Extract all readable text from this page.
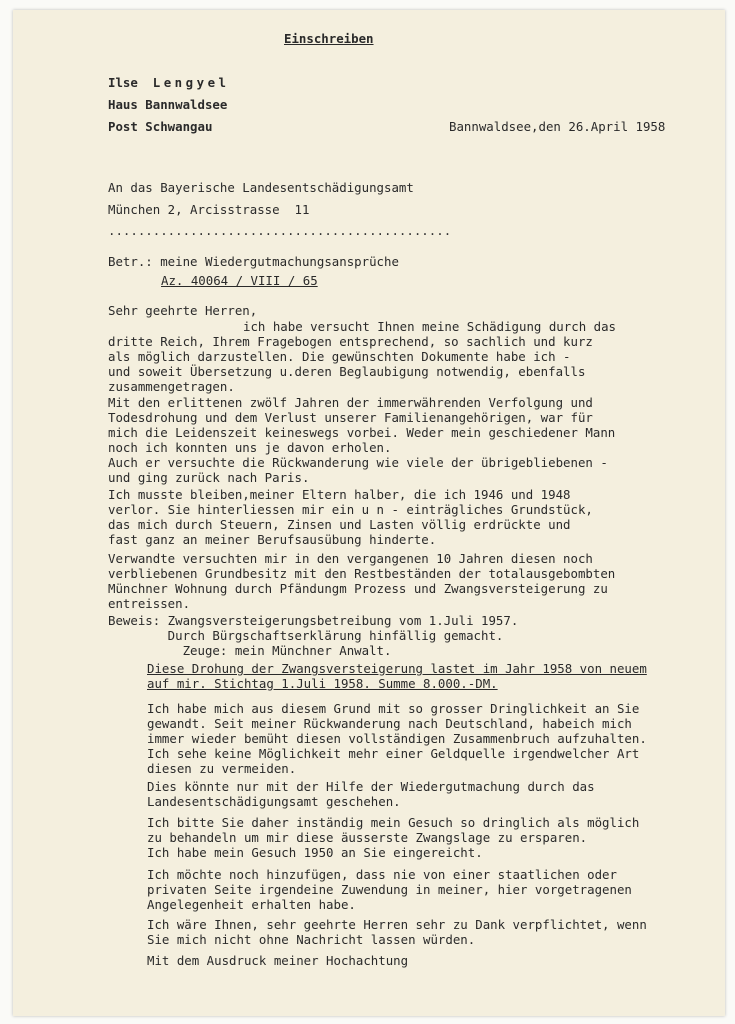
Einschreiben

Ilse Lengyel

Haus Bannwaldsee

Post Schwangau	Bannwaldsee,den 26.April 1958

An das Bayerische Landesentschädigungsamt

München 2, Arcisstrasse  11

..............................................

Betr.: meine Wiedergutmachungsansprüche

Az. 40064 / VIII / 65

Sehr geehrte Herren,

ich habe versucht Ihnen meine Schädigung durch das

dritte Reich, Ihrem Fragebogen entsprechend, so sachlich und kurz

als möglich darzustellen. Die gewünschten Dokumente habe ich -

und soweit Übersetzung u.deren Beglaubigung notwendig, ebenfalls

zusammengetragen.

Mit den erlittenen zwölf Jahren der immerwährenden Verfolgung und

Todesdrohung und dem Verlust unserer Familienangehörigen, war für

mich die Leidenszeit keineswegs vorbei. Weder mein geschiedener Mann

noch ich konnten uns je davon erholen.

Auch er versuchte die Rückwanderung wie viele der übrigebliebenen -

und ging zurück nach Paris.

Ich musste bleiben,meiner Eltern halber, die ich 1946 und 1948

verlor. Sie hinterliessen mir ein u n - einträgliches Grundstück,

das mich durch Steuern, Zinsen und Lasten völlig erdrückte und

fast ganz an meiner Berufsausübung hinderte.

Verwandte versuchten mir in den vergangenen 10 Jahren diesen noch

verbliebenen Grundbesitz mit den Restbeständen der totalausgebombten

Münchner Wohnung durch Pfändungm Prozess und Zwangsversteigerung zu

entreissen.

Beweis: Zwangsversteigerungsbetreibung vom 1.Juli 1957.

Durch Bürgschaftserklärung hinfällig gemacht.

Zeuge: mein Münchner Anwalt.

Diese Drohung der Zwangsversteigerung lastet im Jahr 1958 von neuem

auf mir. Stichtag 1.Juli 1958. Summe 8.000.-DM.

Ich habe mich aus diesem Grund mit so grosser Dringlichkeit an Sie

gewandt. Seit meiner Rückwanderung nach Deutschland, habeich mich

immer wieder bemüht diesen vollständigen Zusammenbruch aufzuhalten.

Ich sehe keine Möglichkeit mehr einer Geldquelle irgendwelcher Art

diesen zu vermeiden.

Dies könnte nur mit der Hilfe der Wiedergutmachung durch das

Landesentschädigungsamt geschehen.

Ich bitte Sie daher inständig mein Gesuch so dringlich als möglich

zu behandeln um mir diese äusserste Zwangslage zu ersparen.

Ich habe mein Gesuch 1950 an Sie eingereicht.

Ich möchte noch hinzufügen, dass nie von einer staatlichen oder

privaten Seite irgendeine Zuwendung in meiner, hier vorgetragenen

Angelegenheit erhalten habe.

Ich wäre Ihnen, sehr geehrte Herren sehr zu Dank verpflichtet, wenn

Sie mich nicht ohne Nachricht lassen würden.

Mit dem Ausdruck meiner Hochachtung
